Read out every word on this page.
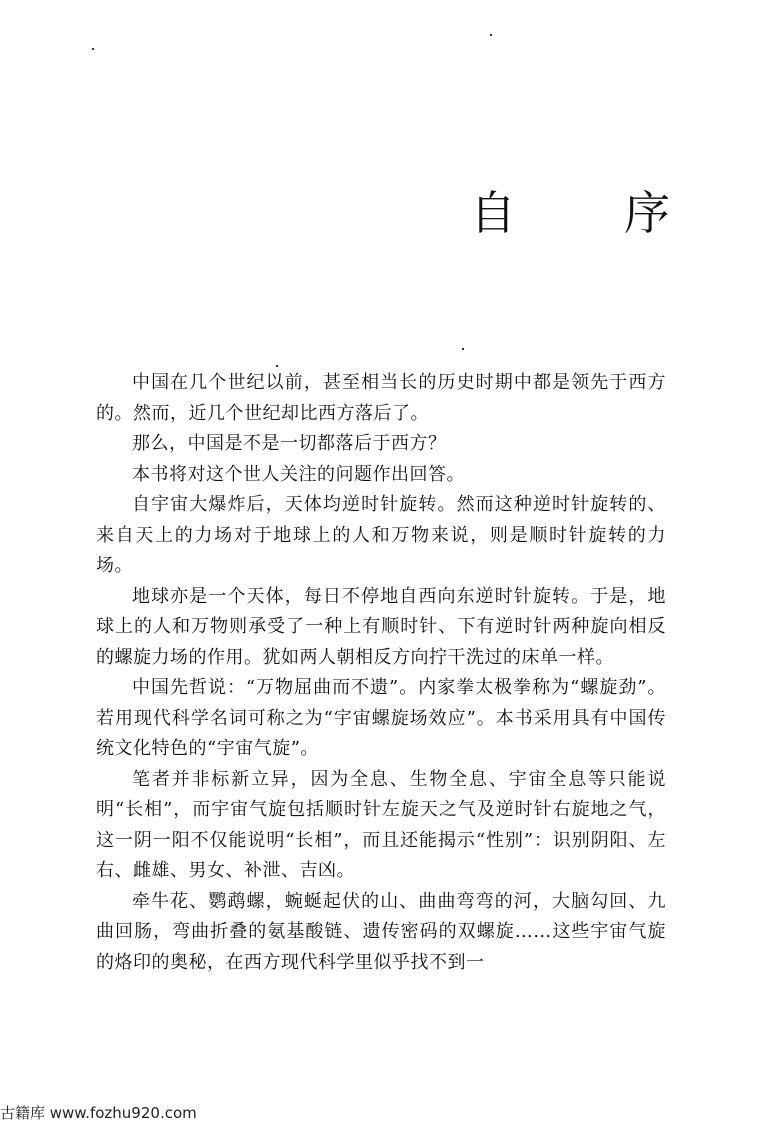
自 序

中国在几个世纪以前，甚至相当长的历史时期中都是领先于西方的。然而，近几个世纪却比西方落后了。

那么，中国是不是一切都落后于西方？

本书将对这个世人关注的问题作出回答。

自宇宙大爆炸后，天体均逆时针旋转。然而这种逆时针旋转的、来自天上的力场对于地球上的人和万物来说，则是顺时针旋转的力场。

地球亦是一个天体，每日不停地自西向东逆时针旋转。于是，地球上的人和万物则承受了一种上有顺时针、下有逆时针两种旋向相反的螺旋力场的作用。犹如两人朝相反方向拧干洗过的床单一样。

中国先哲说：“万物屈曲而不遗”。内家拳太极拳称为“螺旋劲”。若用现代科学名词可称之为“宇宙螺旋场效应”。本书采用具有中国传统文化特色的“宇宙气旋”。

笔者并非标新立异，因为全息、生物全息、宇宙全息等只能说明“长相”，而宇宙气旋包括顺时针左旋天之气及逆时针右旋地之气，这一阴一阳不仅能说明“长相”，而且还能揭示“性别”：识别阴阳、左右、雌雄、男女、补泄、吉凶。

牵牛花、鹦鹉螺，蜿蜒起伏的山、曲曲弯弯的河，大脑勾回、九曲回肠，弯曲折叠的氨基酸链、遗传密码的双螺旋……这些宇宙气旋的烙印的奥秘，在西方现代科学里似乎找不到一

古籍库 www.fozhu920.com
